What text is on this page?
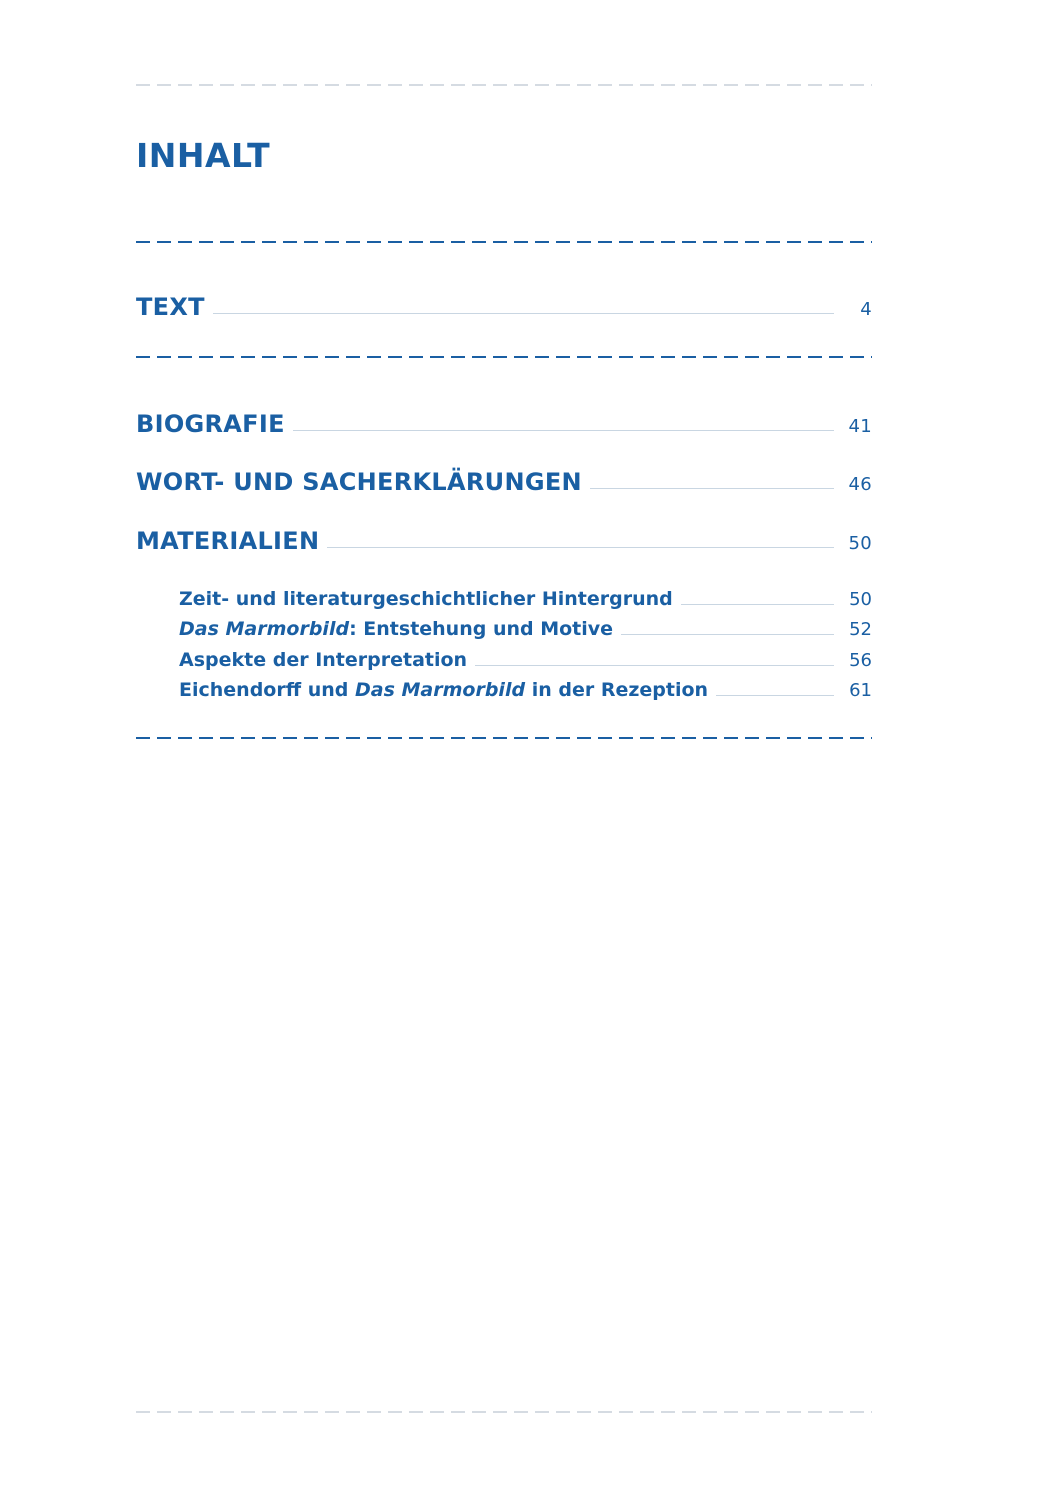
INHALT
TEXT	4
BIOGRAFIE	41
WORT- UND SACHERKLÄRUNGEN	46
MATERIALIEN	50
Zeit- und literaturgeschichtlicher Hintergrund	50
Das Marmorbild: Entstehung und Motive	52
Aspekte der Interpretation	56
Eichendorff und Das Marmorbild in der Rezeption	61
